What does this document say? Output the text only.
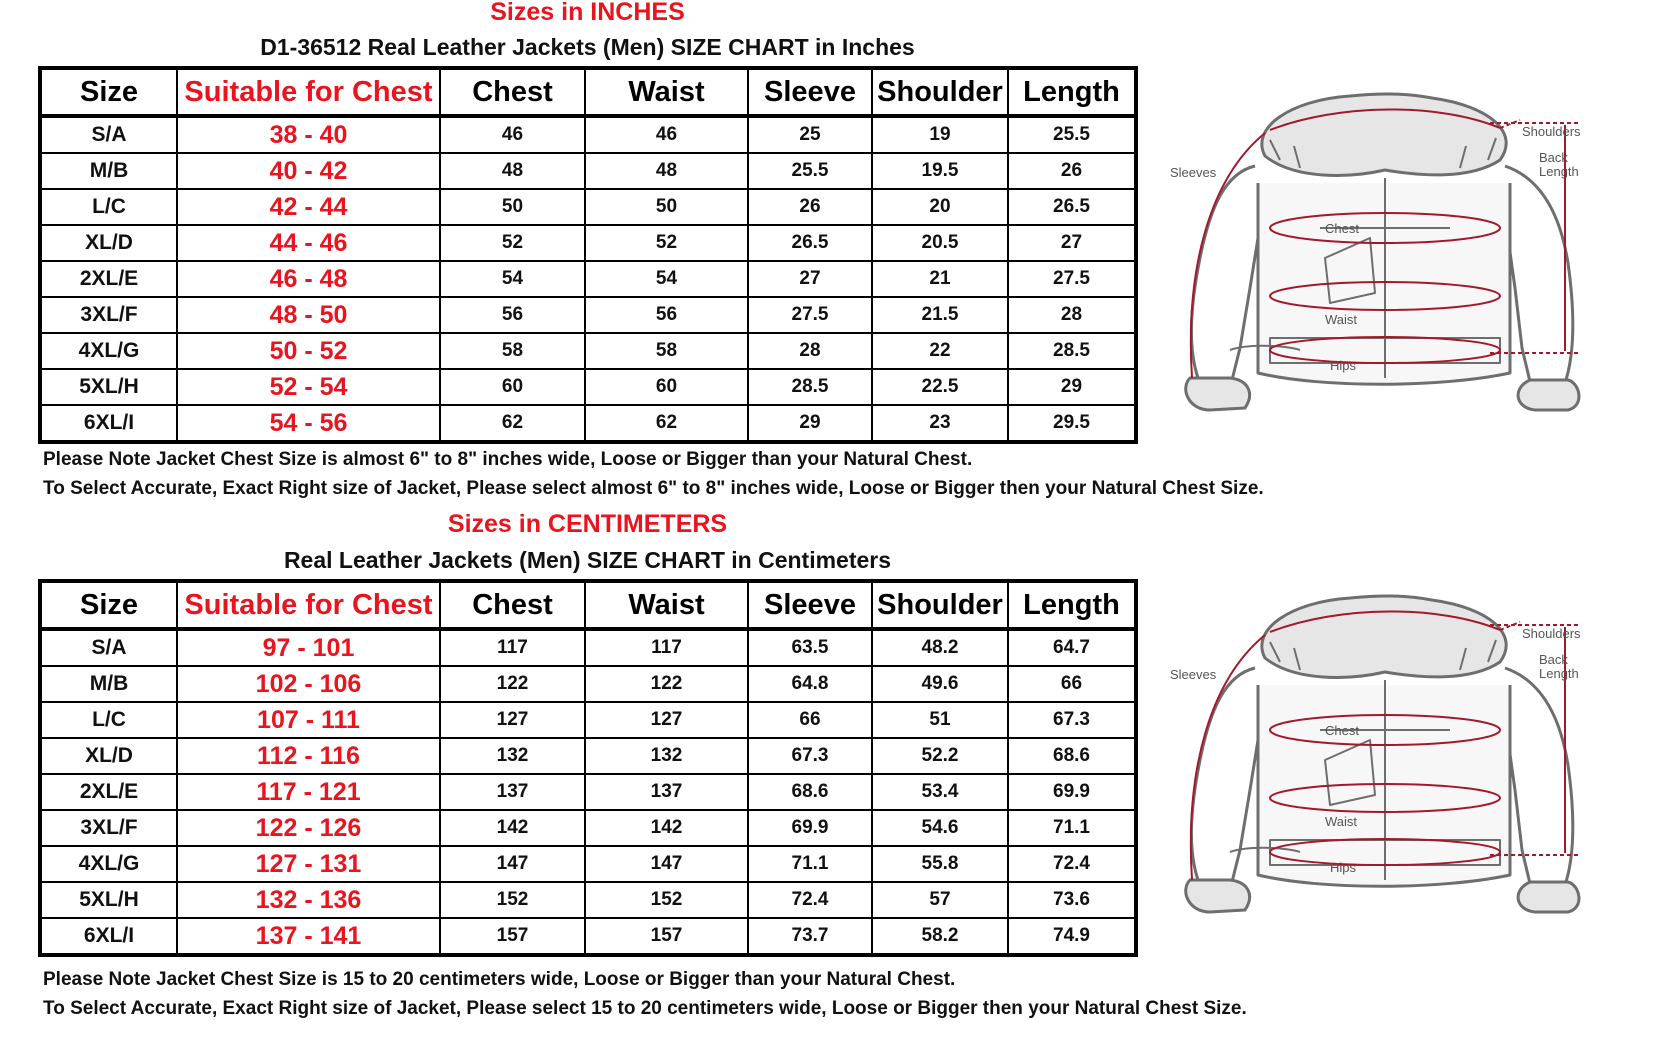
Sizes in INCHES
D1-36512 Real Leather Jackets (Men) SIZE CHART in Inches
Size	Suitable for Chest	Chest	Waist	Sleeve	Shoulder	Length
S/A	38 - 40	46	46	25	19	25.5
M/B	40 - 42	48	48	25.5	19.5	26
L/C	42 - 44	50	50	26	20	26.5
XL/D	44 - 46	52	52	26.5	20.5	27
2XL/E	46 - 48	54	54	27	21	27.5
3XL/F	48 - 50	56	56	27.5	21.5	28
4XL/G	50 - 52	58	58	28	22	28.5
5XL/H	52 - 54	60	60	28.5	22.5	29
6XL/I	54 - 56	62	62	29	23	29.5
Please Note Jacket Chest Size is almost 6" to 8" inches wide, Loose or Bigger than your Natural Chest.
To Select Accurate, Exact Right size of Jacket, Please select almost 6" to 8" inches wide, Loose or Bigger then your Natural Chest Size.
Sizes in CENTIMETERS
Real Leather Jackets (Men) SIZE CHART in Centimeters
Size	Suitable for Chest	Chest	Waist	Sleeve	Shoulder	Length
S/A	97 - 101	117	117	63.5	48.2	64.7
M/B	102 - 106	122	122	64.8	49.6	66
L/C	107 - 111	127	127	66	51	67.3
XL/D	112 - 116	132	132	67.3	52.2	68.6
2XL/E	117 - 121	137	137	68.6	53.4	69.9
3XL/F	122 - 126	142	142	69.9	54.6	71.1
4XL/G	127 - 131	147	147	71.1	55.8	72.4
5XL/H	132 - 136	152	152	72.4	57	73.6
6XL/I	137 - 141	157	157	73.7	58.2	74.9
Please Note Jacket Chest Size is 15 to 20 centimeters wide, Loose or Bigger than your Natural Chest.
To Select Accurate, Exact Right size of Jacket, Please select 15 to 20 centimeters wide, Loose or Bigger then your Natural Chest Size.
Shoulders
Back
Length
Sleeves
Chest
Waist
Hips
Shoulders
Back
Length
Sleeves
Chest
Waist
Hips
